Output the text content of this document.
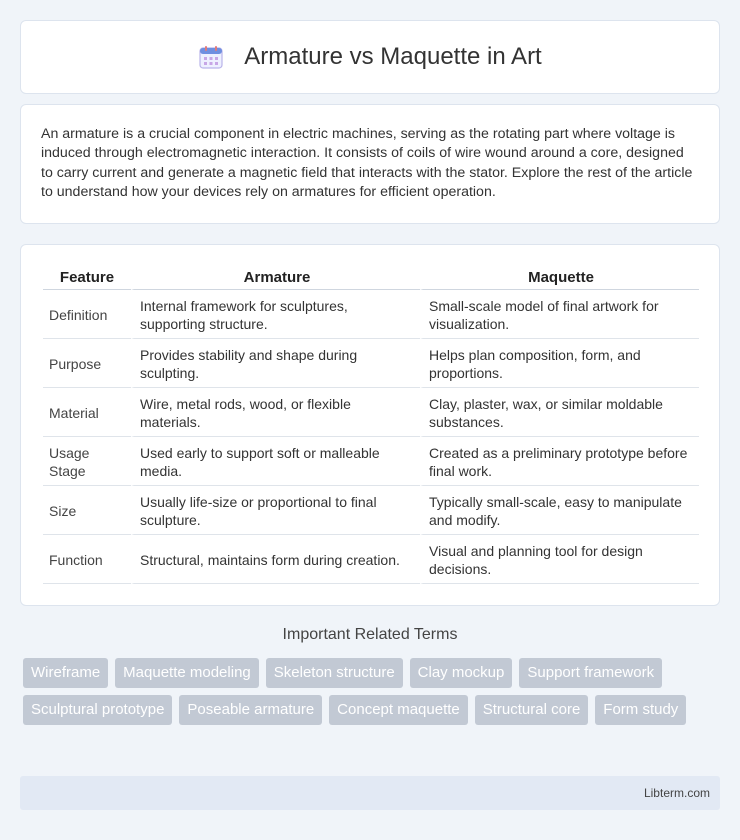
Armature vs Maquette in Art

An armature is a crucial component in electric machines, serving as the rotating part where voltage is induced through electromagnetic interaction. It consists of coils of wire wound around a core, designed to carry current and generate a magnetic field that interacts with the stator. Explore the rest of the article to understand how your devices rely on armatures for efficient operation.

Feature	Armature	Maquette
Definition	Internal framework for sculptures, supporting structure.	Small-scale model of final artwork for visualization.
Purpose	Provides stability and shape during sculpting.	Helps plan composition, form, and proportions.
Material	Wire, metal rods, wood, or flexible materials.	Clay, plaster, wax, or similar moldable substances.
Usage Stage	Used early to support soft or malleable media.	Created as a preliminary prototype before final work.
Size	Usually life-size or proportional to final sculpture.	Typically small-scale, easy to manipulate and modify.
Function	Structural, maintains form during creation.	Visual and planning tool for design decisions.
Important Related Terms
Wireframe	Maquette modeling	Skeleton structure	Clay mockup	Support framework
Sculptural prototype	Poseable armature	Concept maquette	Structural core	Form study
Libterm.com
